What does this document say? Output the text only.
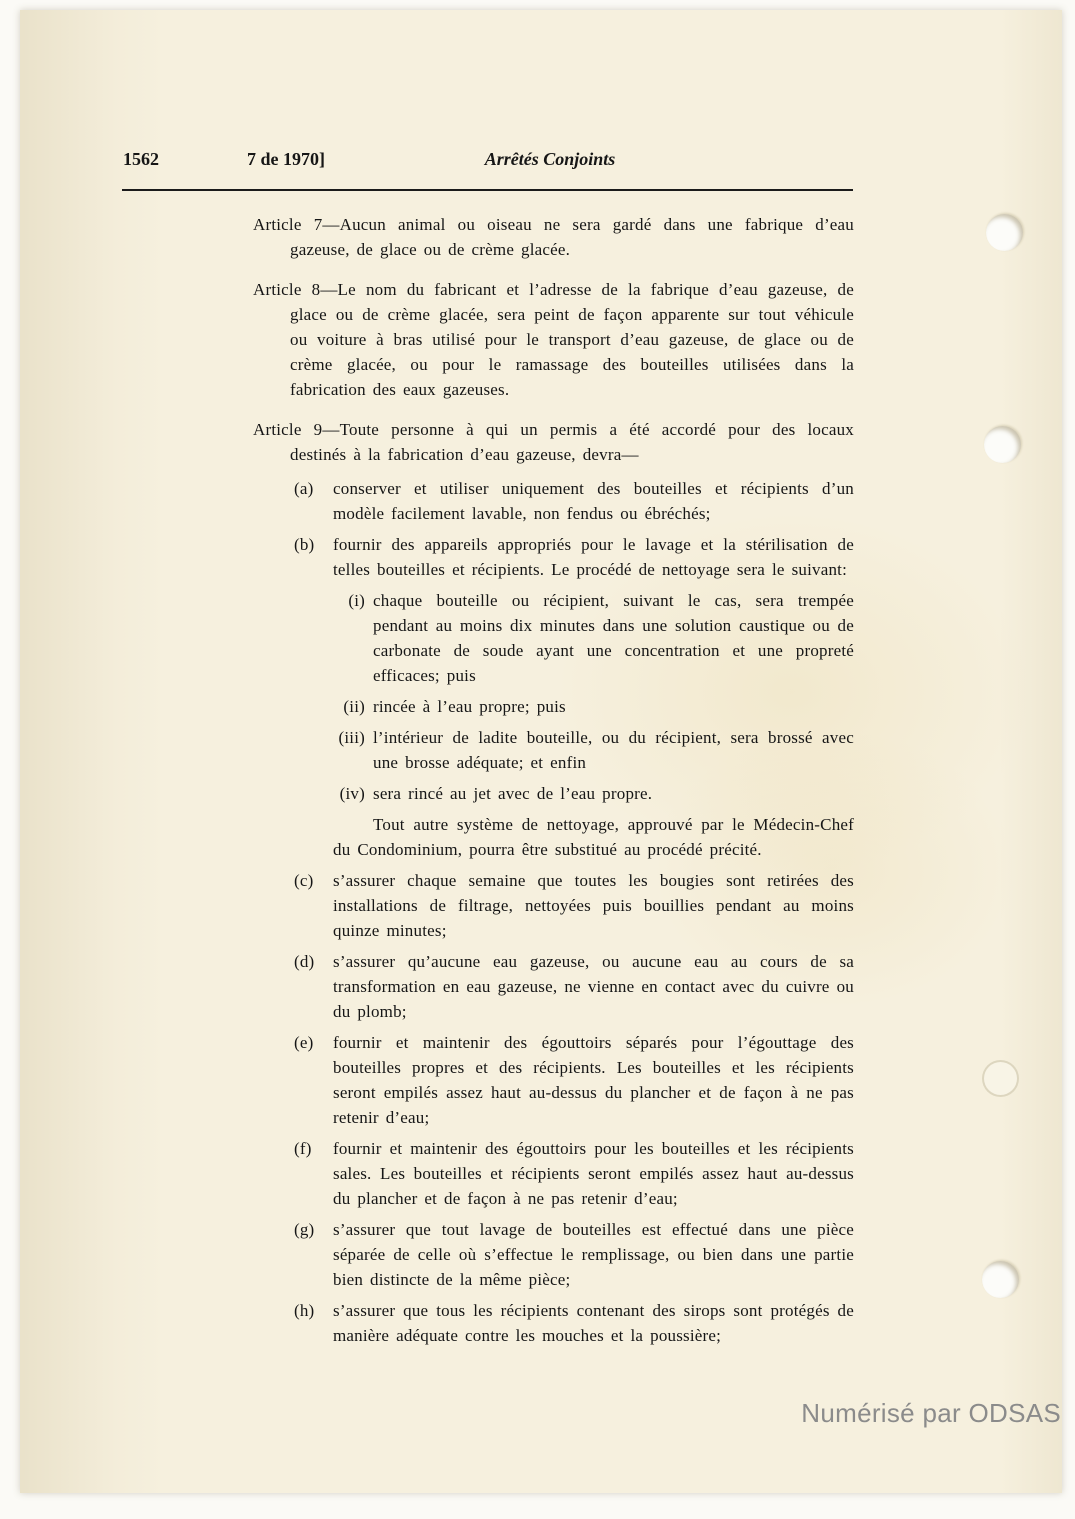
1562	7 de 1970]	Arrêtés Conjoints

Article 7—Aucun animal ou oiseau ne sera gardé dans une fabrique d’eau gazeuse, de glace ou de crème glacée.

Article 8—Le nom du fabricant et l’adresse de la fabrique d’eau gazeuse, de glace ou de crème glacée, sera peint de façon apparente sur tout véhicule ou voiture à bras utilisé pour le transport d’eau gazeuse, de glace ou de crème glacée, ou pour le ramassage des bouteilles utilisées dans la fabrication des eaux gazeuses.

Article 9—Toute personne à qui un permis a été accordé pour des locaux destinés à la fabrication d’eau gazeuse, devra—

(a) conserver et utiliser uniquement des bouteilles et récipients d’un modèle facilement lavable, non fendus ou ébréchés;

(b) fournir des appareils appropriés pour le lavage et la stérilisation de telles bouteilles et récipients. Le procédé de nettoyage sera le suivant:

(i) chaque bouteille ou récipient, suivant le cas, sera trempée pendant au moins dix minutes dans une solution caustique ou de carbonate de soude ayant une concentration et une propreté efficaces; puis

(ii) rincée à l’eau propre; puis

(iii) l’intérieur de ladite bouteille, ou du récipient, sera brossé avec une brosse adéquate; et enfin

(iv) sera rincé au jet avec de l’eau propre.

Tout autre système de nettoyage, approuvé par le Médecin-Chef du Condominium, pourra être substitué au procédé précité.

(c) s’assurer chaque semaine que toutes les bougies sont retirées des installations de filtrage, nettoyées puis bouillies pendant au moins quinze minutes;

(d) s’assurer qu’aucune eau gazeuse, ou aucune eau au cours de sa transformation en eau gazeuse, ne vienne en contact avec du cuivre ou du plomb;

(e) fournir et maintenir des égouttoirs séparés pour l’égouttage des bouteilles propres et des récipients. Les bouteilles et les récipients seront empilés assez haut au-dessus du plancher et de façon à ne pas retenir d’eau;

(f) fournir et maintenir des égouttoirs pour les bouteilles et les récipients sales. Les bouteilles et récipients seront empilés assez haut au-dessus du plancher et de façon à ne pas retenir d’eau;

(g) s’assurer que tout lavage de bouteilles est effectué dans une pièce séparée de celle où s’effectue le remplissage, ou bien dans une partie bien distincte de la même pièce;

(h) s’assurer que tous les récipients contenant des sirops sont protégés de manière adéquate contre les mouches et la poussière;

Numérisé par ODSAS
